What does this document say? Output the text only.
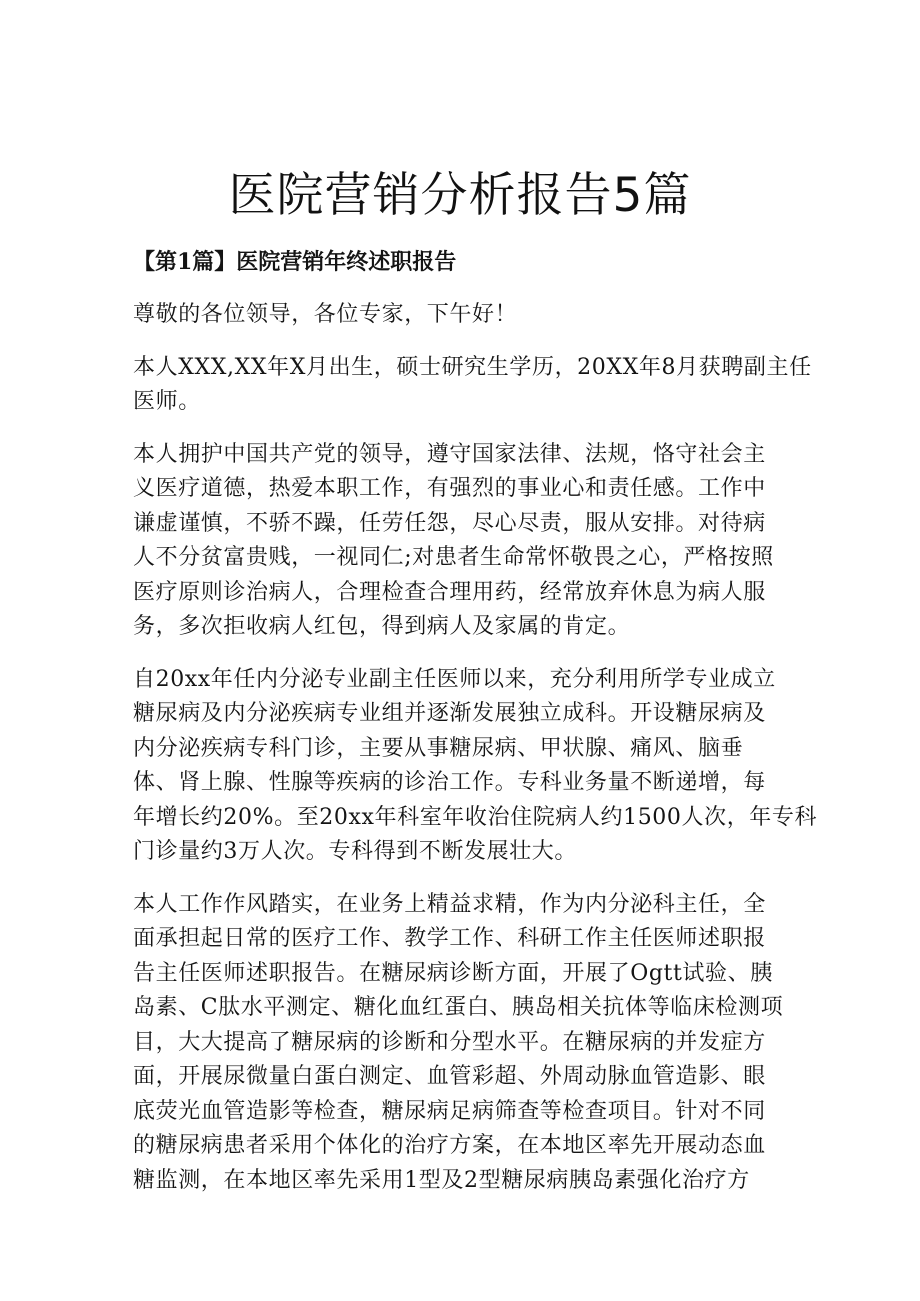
医院营销分析报告5篇
【第1篇】医院营销年终述职报告

尊敬的各位领导，各位专家，下午好！

本人XXX,XX年X月出生，硕士研究生学历，20XX年8月获聘副主任
医师。

本人拥护中国共产党的领导，遵守国家法律、法规，恪守社会主
义医疗道德，热爱本职工作，有强烈的事业心和责任感。工作中
谦虚谨慎，不骄不躁，任劳任怨，尽心尽责，服从安排。对待病
人不分贫富贵贱，一视同仁;对患者生命常怀敬畏之心，严格按照
医疗原则诊治病人，合理检查合理用药，经常放弃休息为病人服
务，多次拒收病人红包，得到病人及家属的肯定。

自20xx年任内分泌专业副主任医师以来，充分利用所学专业成立
糖尿病及内分泌疾病专业组并逐渐发展独立成科。开设糖尿病及
内分泌疾病专科门诊，主要从事糖尿病、甲状腺、痛风、脑垂
体、肾上腺、性腺等疾病的诊治工作。专科业务量不断递增，每
年增长约20%。至20xx年科室年收治住院病人约1500人次，年专科
门诊量约3万人次。专科得到不断发展壮大。

本人工作作风踏实，在业务上精益求精，作为内分泌科主任，全
面承担起日常的医疗工作、教学工作、科研工作主任医师述职报
告主任医师述职报告。在糖尿病诊断方面，开展了Ogtt试验、胰
岛素、C肽水平测定、糖化血红蛋白、胰岛相关抗体等临床检测项
目，大大提高了糖尿病的诊断和分型水平。在糖尿病的并发症方
面，开展尿微量白蛋白测定、血管彩超、外周动脉血管造影、眼
底荧光血管造影等检查，糖尿病足病筛查等检查项目。针对不同
的糖尿病患者采用个体化的治疗方案，在本地区率先开展动态血
糖监测，在本地区率先采用1型及2型糖尿病胰岛素强化治疗方
